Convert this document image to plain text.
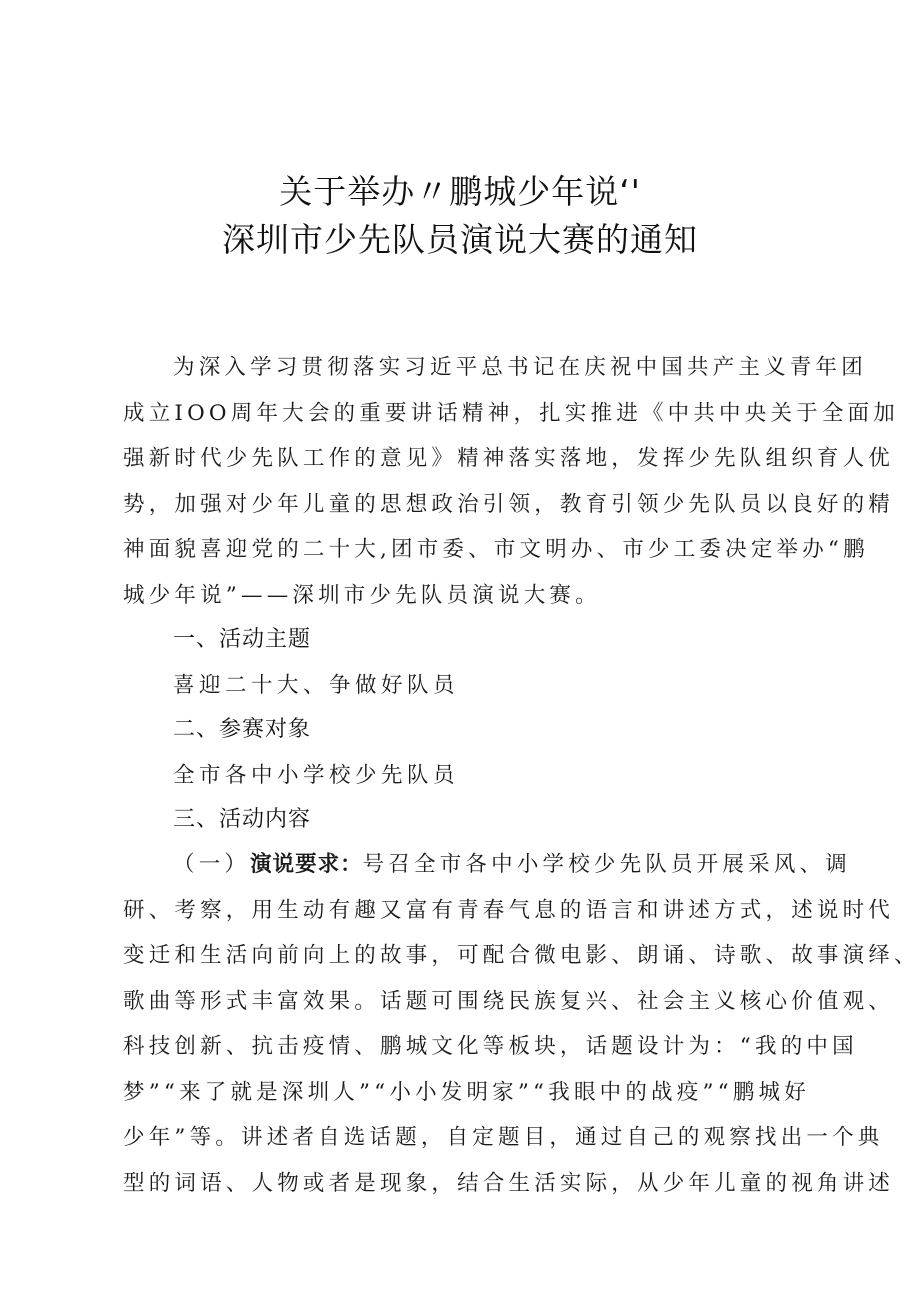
关于举办〃鹏城少年说‘'
深圳市少先队员演说大赛的通知
为深入学习贯彻落实习近平总书记在庆祝中国共产主义青年团
成立IOO周年大会的重要讲话精神，扎实推进《中共中央关于全面加
强新时代少先队工作的意见》精神落实落地，发挥少先队组织育人优
势，加强对少年儿童的思想政治引领，教育引领少先队员以良好的精
神面貌喜迎党的二十大,团市委、市文明办、市少工委决定举办“鹏
城少年说”——深圳市少先队员演说大赛。
一、活动主题
喜迎二十大、争做好队员
二、参赛对象
全市各中小学校少先队员
三、活动内容
（一）演说要求：号召全市各中小学校少先队员开展采风、调
研、考察，用生动有趣又富有青春气息的语言和讲述方式，述说时代
变迁和生活向前向上的故事，可配合微电影、朗诵、诗歌、故事演绎、
歌曲等形式丰富效果。话题可围绕民族复兴、社会主义核心价值观、
科技创新、抗击疫情、鹏城文化等板块，话题设计为：“我的中国
梦”“来了就是深圳人”“小小发明家”“我眼中的战疫”“鹏城好
少年”等。讲述者自选话题，自定题目，通过自己的观察找出一个典
型的词语、人物或者是现象，结合生活实际，从少年儿童的视角讲述
